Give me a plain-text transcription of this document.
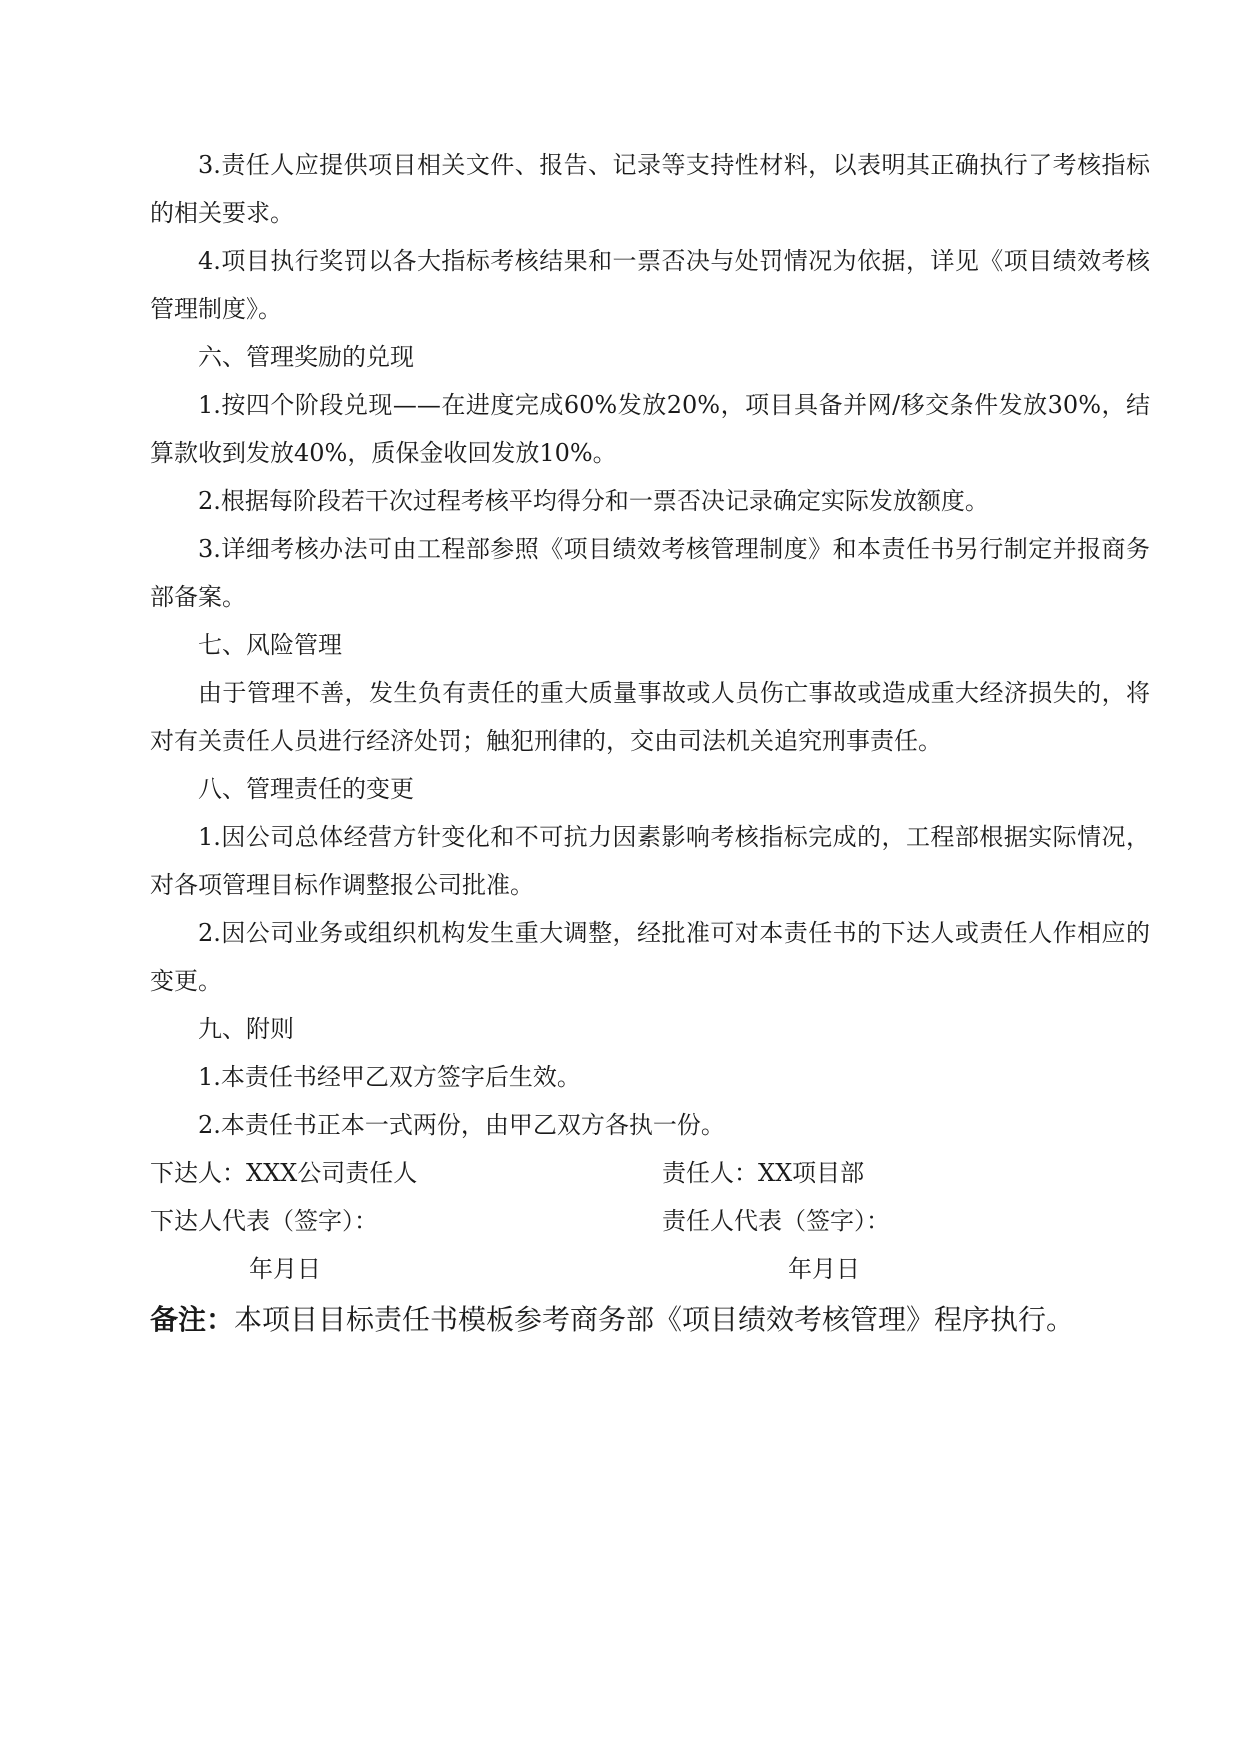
3.责任人应提供项目相关文件、报告、记录等支持性材料，以表明其正确执行了考核指标的相关要求。

4.项目执行奖罚以各大指标考核结果和一票否决与处罚情况为依据，详见《项目绩效考核管理制度》。

六、管理奖励的兑现

1.按四个阶段兑现——在进度完成60%发放20%，项目具备并网/移交条件发放30%，结算款收到发放40%，质保金收回发放10%。

2.根据每阶段若干次过程考核平均得分和一票否决记录确定实际发放额度。

3.详细考核办法可由工程部参照《项目绩效考核管理制度》和本责任书另行制定并报商务部备案。

七、风险管理

由于管理不善，发生负有责任的重大质量事故或人员伤亡事故或造成重大经济损失的，将对有关责任人员进行经济处罚；触犯刑律的，交由司法机关追究刑事责任。

八、管理责任的变更

1.因公司总体经营方针变化和不可抗力因素影响考核指标完成的，工程部根据实际情况，对各项管理目标作调整报公司批准。

2.因公司业务或组织机构发生重大调整，经批准可对本责任书的下达人或责任人作相应的变更。

九、附则

1.本责任书经甲乙双方签字后生效。

2.本责任书正本一式两份，由甲乙双方各执一份。

下达人：XXX公司责任人	责任人：XX项目部
下达人代表（签字）：	责任人代表（签字）：
年月日	年月日

备注：本项目目标责任书模板参考商务部《项目绩效考核管理》程序执行。
